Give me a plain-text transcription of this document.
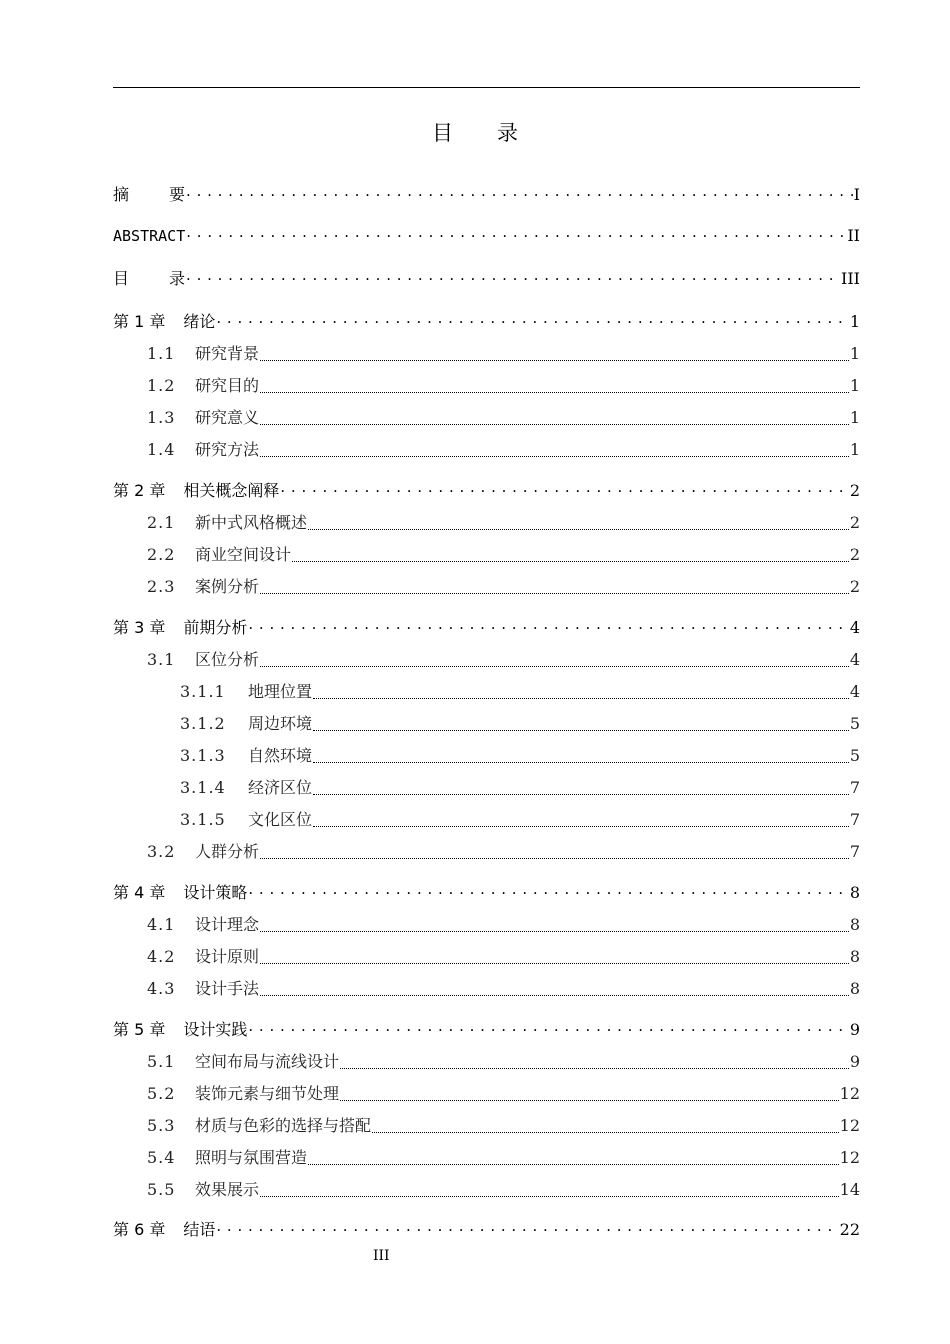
目 录
摘	要 . . .	I
ABSTRACT . . .	II
目	录 . . .	III
第 1 章 绪论 . . .	1
1.1 研究背景	1
1.2 研究目的	1
1.3 研究意义	1
1.4 研究方法	1
第 2 章 相关概念阐释 . . .	2
2.1 新中式风格概述	2
2.2 商业空间设计	2
2.3 案例分析	2
第 3 章 前期分析 . . .	4
3.1 区位分析	4
3.1.1 地理位置	4
3.1.2 周边环境	5
3.1.3 自然环境	5
3.1.4 经济区位	7
3.1.5 文化区位	7
3.2 人群分析	7
第 4 章 设计策略 . . .	8
4.1 设计理念	8
4.2 设计原则	8
4.3 设计手法	8
第 5 章 设计实践 . . .	9
5.1 空间布局与流线设计	9
5.2 装饰元素与细节处理	12
5.3 材质与色彩的选择与搭配	12
5.4 照明与氛围营造	12
5.5 效果展示	14
第 6 章 结语 . . .	22
III
